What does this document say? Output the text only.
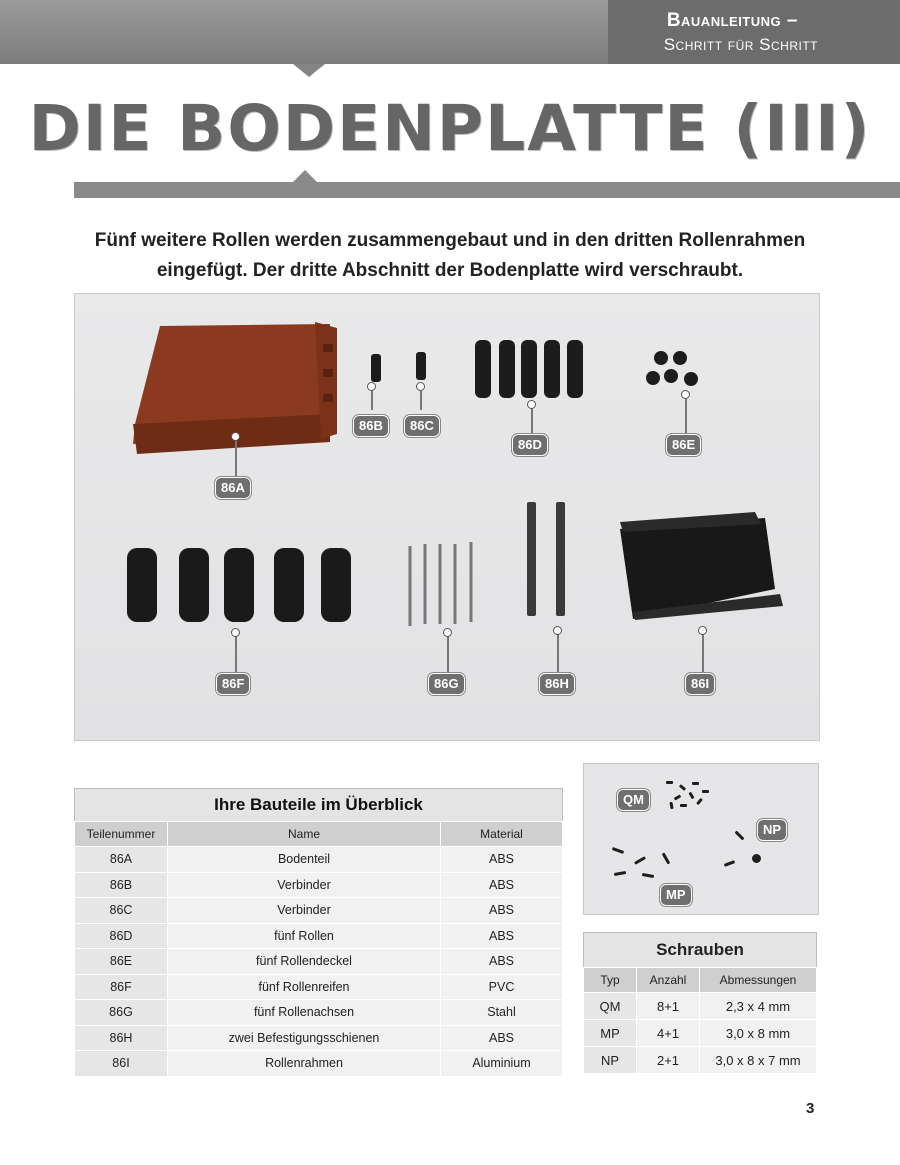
Bauanleitung –
Schritt für Schritt
DIE BODENPLATTE (III)
Fünf weitere Rollen werden zusammengebaut und in den dritten Rollenrahmen eingefügt. Der dritte Abschnitt der Bodenplatte wird verschraubt.
86A
86B	86C
86D	86E
86F	86G	86H	86I
Ihre Bauteile im Überblick		
Teilenummer	Name	Material
86A	Bodenteil	ABS
86B	Verbinder	ABS
86C	Verbinder	ABS
86D	fünf Rollen	ABS
86E	fünf Rollendeckel	ABS
86F	fünf Rollenreifen	PVC
86G	fünf Rollenachsen	Stahl
86H	zwei Befestigungsschienen	ABS
86I	Rollenrahmen	Aluminium
QM
NP
MP
Schrauben		
Typ	Anzahl	Abmessungen
QM	8+1	2,3 x 4 mm
MP	4+1	3,0 x 8 mm
NP	2+1	3,0 x 8 x 7 mm
3
